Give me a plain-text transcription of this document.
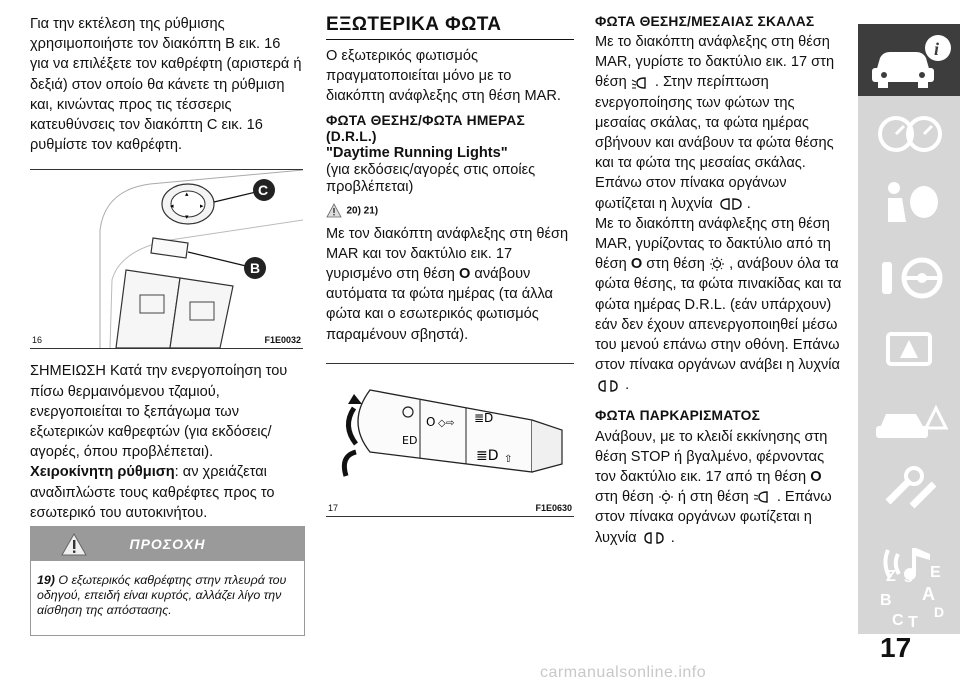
Για την εκτέλεση της ρύθμισης χρησιμοποιήστε τον διακόπτη B εικ. 16 για να επιλέξετε τον καθρέφτη (αριστερά ή δεξιά) στον οποίο θα κάνετε τη ρύθμιση και, κινώντας προς τις τέσσερις κατευθύνσεις τον διακόπτη C εικ. 16 ρυθμίστε τον καθρέφτη.

◂	▸
▴
▾
C
B
16	F1E0032

ΣΗΜΕΙΩΣΗ Κατά την ενεργοποίηση του πίσω θερμαινόμενου τζαμιού, ενεργοποιείται το ξεπάγωμα των εξωτερικών καθρεφτών (για εκδόσεις/αγορές, όπου προβλέπεται).

Χειροκίνητη ρύθμιση: αν χρειάζεται αναδιπλώστε τους καθρέφτες προς το εσωτερικό του αυτοκινήτου.

ΠΡΟΣΟΧΗ
19) Ο εξωτερικός καθρέφτης στην πλευρά του οδηγού, επειδή είναι κυρτός, αλλάζει λίγο την αίσθηση της απόστασης.
ΕΞΩΤΕΡΙΚΑ ΦΩΤΑ

Ο εξωτερικός φωτισμός πραγματοποιείται μόνο με το διακόπτη ανάφλεξης στη θέση MAR.

ΦΩΤΑ ΘΕΣΗΣ/ΦΩΤΑ ΗΜΕΡΑΣ (D.R.L.)

"Daytime Running Lights"

(για εκδόσεις/αγορές στις οποίες προβλέπεται)

20) 21)

Με τον διακόπτη ανάφλεξης στη θέση MAR και τον δακτύλιο εικ. 17 γυρισμένο στη θέση O ανάβουν αυτόματα τα φώτα ημέρας (τα άλλα φώτα και ο εσωτερικός φωτισμός παραμένουν σβηστά).

ED
O ◇ ⇨ ≣D
≣D ⇧
17	F1E0630
ΦΩΤΑ ΘΕΣΗΣ/ΜΕΣΑΙΑΣ ΣΚΑΛΑΣ

Με το διακόπτη ανάφλεξης στη θέση MAR, γυρίστε το δακτύλιο εικ. 17 στη θέση . Στην περίπτωση ενεργοποίησης των φώτων της μεσαίας σκάλας, τα φώτα ημέρας σβήνουν και ανάβουν τα φώτα θέσης και τα φώτα της μεσαίας σκάλας. Επάνω στον πίνακα οργάνων φωτίζεται η λυχνία .

Με το διακόπτη ανάφλεξης στη θέση MAR, γυρίζοντας το δακτύλιο από τη θέση O στη θέση , ανάβουν όλα τα φώτα θέσης, τα φώτα πινακίδας και τα φώτα ημέρας D.R.L. (εάν υπάρχουν) εάν δεν έχουν απενεργοποιηθεί μέσω του μενού επάνω στην οθόνη. Επάνω στον πίνακα οργάνων ανάβει η λυχνία  .

ΦΩΤΑ ΠΑΡΚΑΡΙΣΜΑΤΟΣ

Ανάβουν, με το κλειδί εκκίνησης στη θέση STOP ή βγαλμένο, φέρνοντας τον δακτύλιο εικ. 17 από τη θέση O στη θέση ή στη θέση . Επάνω στον πίνακα οργάνων φωτίζεται η λυχνία .

i
Z E
A
B
D
C T
S
17
carmanualsonline.info
